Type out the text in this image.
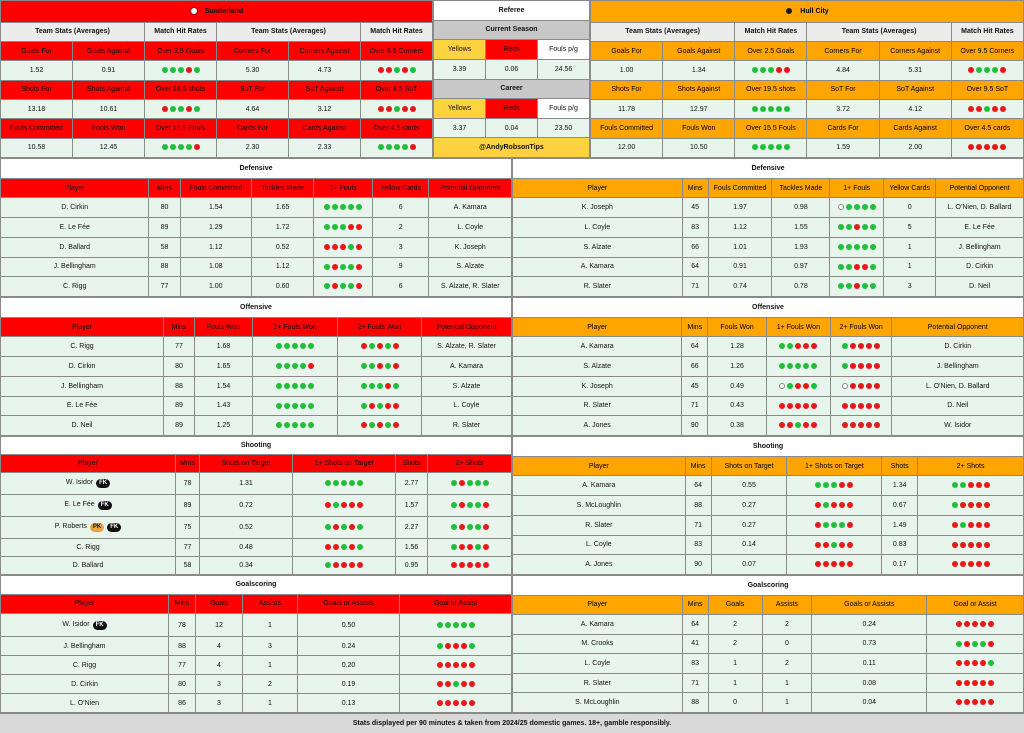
Sunderland					

Team Stats (Averages)		Match Hit Rates	Team Stats (Averages)		Match Hit Rates
Goals For	Goals Against	Over 2.5 Goals	Corners For	Corners Against	Over 9.5 Corners
1.52	0.91		5.30	4.73	
Shots For	Shots Against	Over 19.5 shots	SoT For	SoT Against	Over 9.5 SoT
13.18	10.61		4.64	3.12	
Fouls Committed	Fouls Won	Over 15.5 Fouls	Cards For	Cards Against	Over 4.5 cards
10.58	12.45		2.30	2.33	
Referee		
Current Season		
Yellows	Reds	Fouls p/g
3.39	0.06	24.56
Career		
Yellows	Reds	Fouls p/g
3.37	0.04	23.50
@AndyRobsonTips		
Hull City					

Team Stats (Averages)		Match Hit Rates	Team Stats (Averages)		Match Hit Rates
Goals For	Goals Against	Over 2.5 Goals	Corners For	Corners Against	Over 9.5 Corners
1.00	1.34		4.84	5.31	
Shots For	Shots Against	Over 19.5 shots	SoT For	SoT Against	Over 9.5 SoT
11.78	12.97		3.72	4.12	
Fouls Committed	Fouls Won	Over 15.5 Fouls	Cards For	Cards Against	Over 4.5 cards
12.00	10.50		1.59	2.00	
Defensive						
Player	Mins	Fouls Committed	Tackles Made	1+ Fouls	Yellow Cards	Potential Opponent
D. Cirkin	80	1.54	1.65		6	A. Kamara
E. Le Fée	89	1.29	1.72		2	L. Coyle
D. Ballard	58	1.12	0.52		3	K. Joseph
J. Bellingham	88	1.08	1.12		9	S. Alzate
C. Rigg	77	1.00	0.60		6	S. Alzate, R. Slater
Defensive						
Player	Mins	Fouls Committed	Tackles Made	1+ Fouls	Yellow Cards	Potential Opponent
K. Joseph	45	1.97	0.98		0	L. O'Nien, D. Ballard
L. Coyle	83	1.12	1.55		5	E. Le Fée
S. Alzate	66	1.01	1.93		1	J. Bellingham
A. Kamara	64	0.91	0.97		1	D. Cirkin
R. Slater	71	0.74	0.78		3	D. Neil
Offensive					
Player	Mins	Fouls Won	1+ Fouls Won	2+ Fouls Won	Potential Opponent
C. Rigg	77	1.68			S. Alzate, R. Slater
D. Cirkin	80	1.65			A. Kamara
J. Bellingham	88	1.54			S. Alzate
E. Le Fée	89	1.43			L. Coyle
D. Neil	89	1.25			R. Slater
Offensive					
Player	Mins	Fouls Won	1+ Fouls Won	2+ Fouls Won	Potential Opponent
A. Kamara	64	1.28			D. Cirkin
S. Alzate	66	1.26			J. Bellingham
K. Joseph	45	0.49			L. O'Nien, D. Ballard
R. Slater	71	0.43			D. Neil
A. Jones	90	0.38			W. Isidor
Shooting					
Player	Mins	Shots on Target	1+ Shots on Target	Shots	2+ Shots
W. Isidor FK	78	1.31		2.77	
E. Le Fée FK	89	0.72		1.57	
P. Roberts PK FK	75	0.52		2.27	
C. Rigg	77	0.48		1.56	
D. Ballard	58	0.34		0.95	
Shooting					
Player	Mins	Shots on Target	1+ Shots on Target	Shots	2+ Shots
A. Kamara	64	0.55		1.34	
S. McLoughlin	88	0.27		0.67	
R. Slater	71	0.27		1.49	
L. Coyle	83	0.14		0.83	
A. Jones	90	0.07		0.17	
Goalscoring					
Player	Mins	Goals	Assists	Goals or Assists	Goal or Assist
W. Isidor FK	78	12	1	0.50	
J. Bellingham	88	4	3	0.24	
C. Rigg	77	4	1	0.20	
D. Cirkin	80	3	2	0.19	
L. O'Nien	86	3	1	0.13	
Goalscoring					
Player	Mins	Goals	Assists	Goals or Assists	Goal or Assist
A. Kamara	64	2	2	0.24	
M. Crooks	41	2	0	0.73	
L. Coyle	83	1	2	0.11	
R. Slater	71	1	1	0.08	
S. McLoughlin	88	0	1	0.04	
Stats displayed per 90 minutes & taken from 2024/25 domestic games. 18+, gamble responsibly.
